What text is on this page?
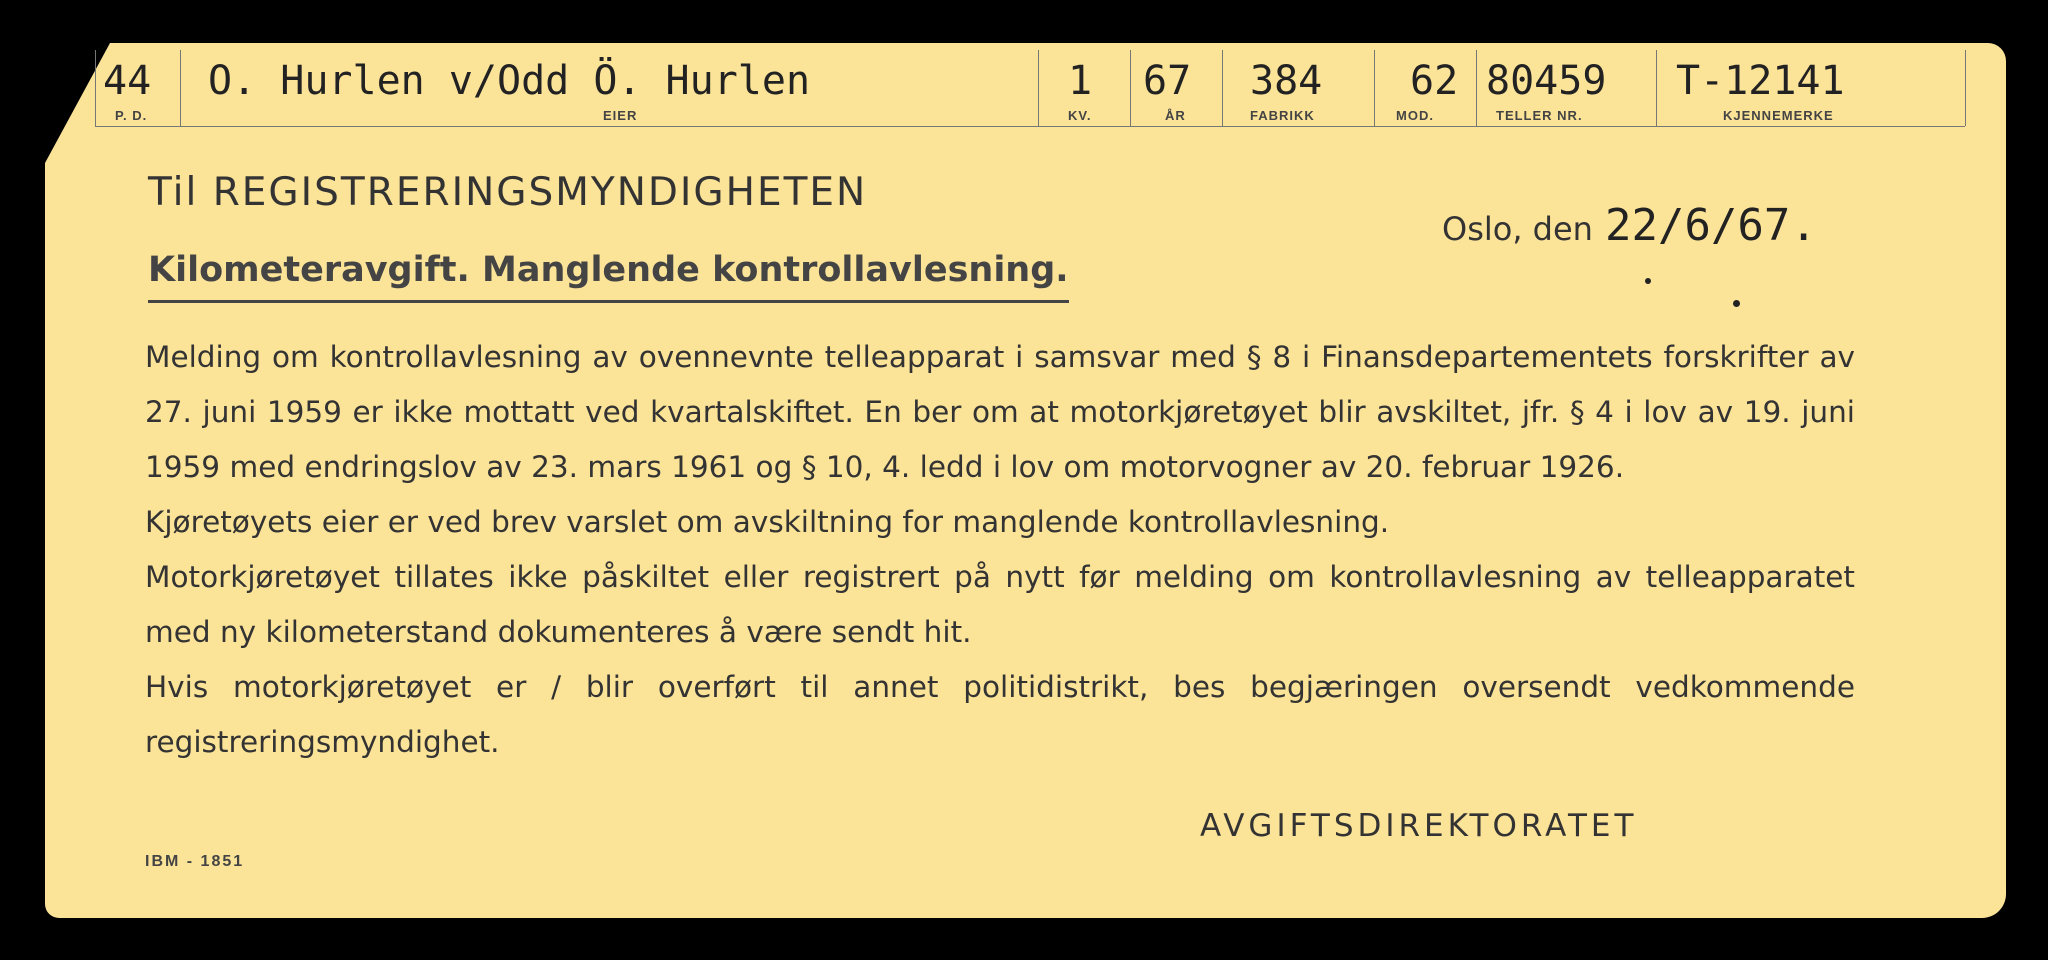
44
P. D.
O. Hurlen v/Odd Ö. Hurlen
EIER
1
KV.
67
ÅR
384
FABRIKK
62
MOD.
80459
TELLER NR.
T-12141
KJENNEMERKE
Til REGISTRERINGSMYNDIGHETEN
Kilometeravgift. Manglende kontrollavlesning.
Oslo, den 22/6/67.

Melding om kontrollavlesning av ovennevnte telleapparat i samsvar med § 8 i Finansdepartementets forskrifter av 27. juni 1959 er ikke mottatt ved kvartalskiftet. En ber om at motorkjøretøyet blir avskiltet, jfr. § 4 i lov av 19. juni 1959 med endringslov av 23. mars 1961 og § 10, 4. ledd i lov om motorvogner av 20. februar 1926.

Kjøretøyets eier er ved brev varslet om avskiltning for manglende kontrollavlesning.

Motorkjøretøyet tillates ikke påskiltet eller registrert på nytt før melding om kontrollavlesning av telleapparatet med ny kilometerstand dokumenteres å være sendt hit.

Hvis motorkjøretøyet er / blir overført til annet politidistrikt, bes begjæringen oversendt vedkommende registreringsmyndighet.

AVGIFTSDIREKTORATET
IBM - 1851
